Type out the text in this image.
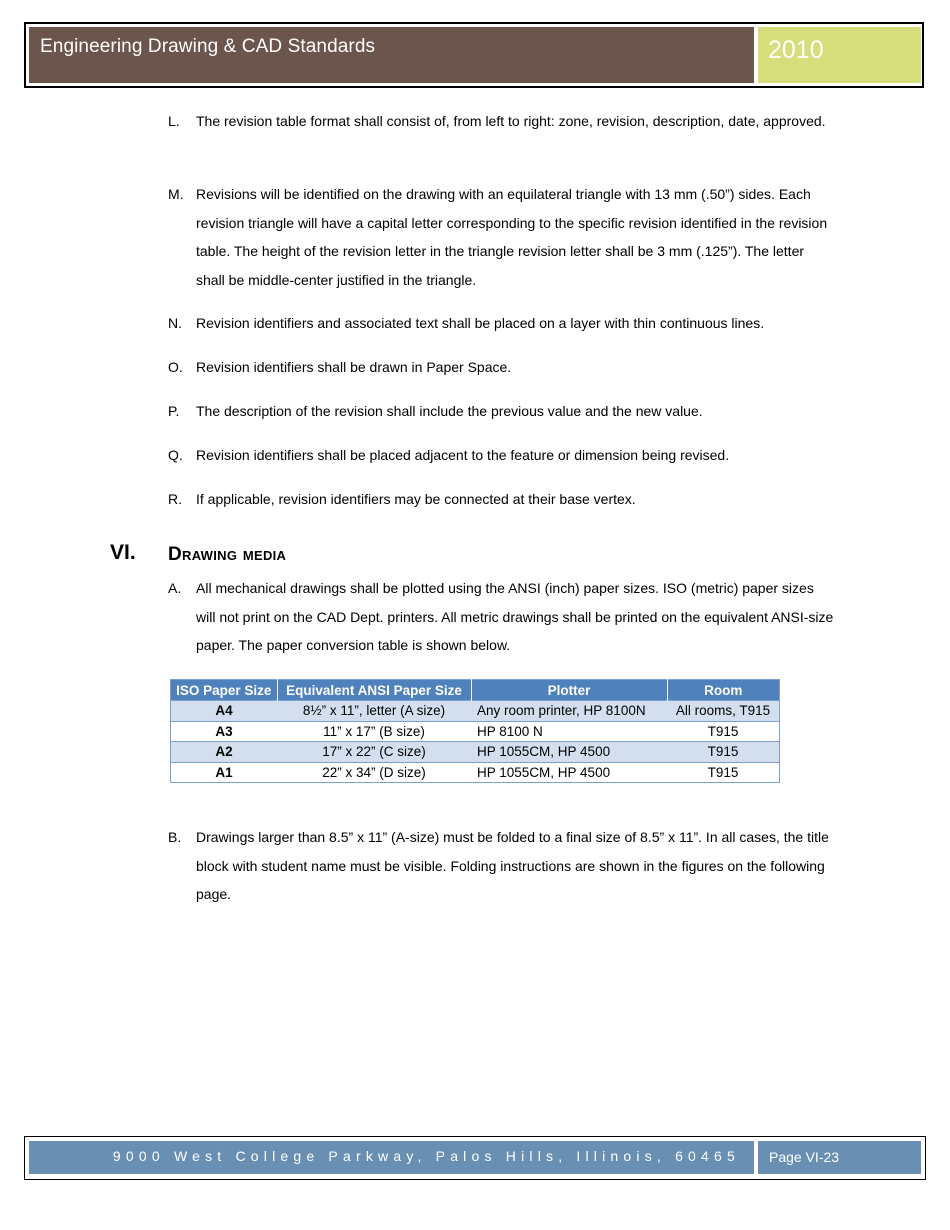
Engineering Drawing & CAD Standards	2010
L. The revision table format shall consist of, from left to right: zone, revision, description, date, approved.
M. Revisions will be identified on the drawing with an equilateral triangle with 13 mm (.50”) sides. Each revision triangle will have a capital letter corresponding to the specific revision identified in the revision table. The height of the revision letter in the triangle revision letter shall be 3 mm (.125”). The letter shall be middle-center justified in the triangle.
N. Revision identifiers and associated text shall be placed on a layer with thin continuous lines.
O. Revision identifiers shall be drawn in Paper Space.
P. The description of the revision shall include the previous value and the new value.
Q. Revision identifiers shall be placed adjacent to the feature or dimension being revised.
R. If applicable, revision identifiers may be connected at their base vertex.
VI. Drawing media
A. All mechanical drawings shall be plotted using the ANSI (inch) paper sizes. ISO (metric) paper sizes will not print on the CAD Dept. printers. All metric drawings shall be printed on the equivalent ANSI-size paper. The paper conversion table is shown below.
ISO Paper Size	Equivalent ANSI Paper Size	Plotter	Room
A4	8½” x 11”, letter (A size)	Any room printer, HP 8100N	All rooms, T915
A3	11” x 17” (B size)	HP 8100 N	T915
A2	17” x 22” (C size)	HP 1055CM, HP 4500	T915
A1	22” x 34” (D size)	HP 1055CM, HP 4500	T915
B. Drawings larger than 8.5” x 11” (A-size) must be folded to a final size of 8.5” x 11”. In all cases, the title block with student name must be visible. Folding instructions are shown in the figures on the following page.
9000 West College Parkway, Palos Hills, Illinois, 60465 Page VI-23
